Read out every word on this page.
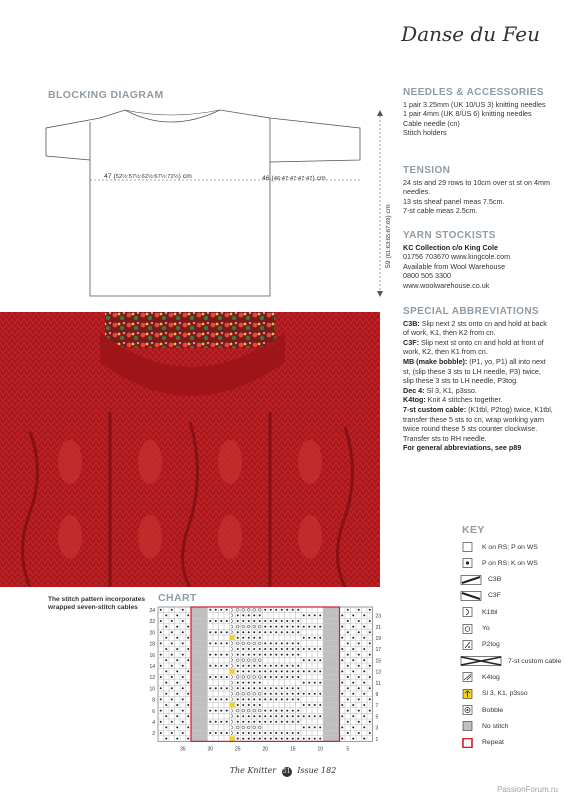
Danse du Feu
BLOCKING DIAGRAM
47 (52½:57½:62½:67½:72½) cm	46 (46:47:47:47:47) cm
59 (61:63:65:67:69) cm
NEEDLES & ACCESSORIES

1 pair 3.25mm (UK 10/US 3) knitting needles

1 pair 4mm (UK 8/US 6) knitting needles

Cable needle (cn)

Stitch holders

TENSION

24 sts and 29 rows to 10cm over st st on 4mm needles.

13 sts sheaf panel meas 7.5cm.

7-st cable meas 2.5cm.

YARN STOCKISTS

KC Collection c/o King Cole

01756 703670 www.kingcole.com

Available from Wool Warehouse

0800 505 3300

www.woolwarehouse.co.uk

SPECIAL ABBREVIATIONS

C3B: Slip next 2 sts onto cn and hold at back of work, K1, then K2 from cn.

C3F: Slip next st onto cn and hold at front of work, K2, then K1 from cn.

MB (make bobble): (P1, yo, P1) all into next st, (slip these 3 sts to LH needle, P3) twice, slip these 3 sts to LH needle, P3tog.

Dec 4: Sl 3, K1, p3sso.

K4tog: Knit 4 stitches together.

7-st custom cable: (K1tbl, P2tog) twice, K1tbl, transfer these 5 sts to cn, wrap working yarn twice round these 5 sts counter clockwise. Transfer sts to RH needle.

For general abbreviations, see p89

The stitch pattern incorporates wrapped seven-stitch cables
CHART
24
22
20
18
16
14
12
10
8
6
4
2
23
21
19
17
15
13
11
9
7
5
3
1
35	30	25	20	15	10	5
KEY
K on RS; P on WS
P on RS; K on WS
C3B
C3F
K1tbl
Yo
P2tog
7-st custom cable
K4tog
Sl 3, K1, p3sso
Bobble
No stitch
Repeat
The Knitter 51 Issue 182
PassionForum.ru
